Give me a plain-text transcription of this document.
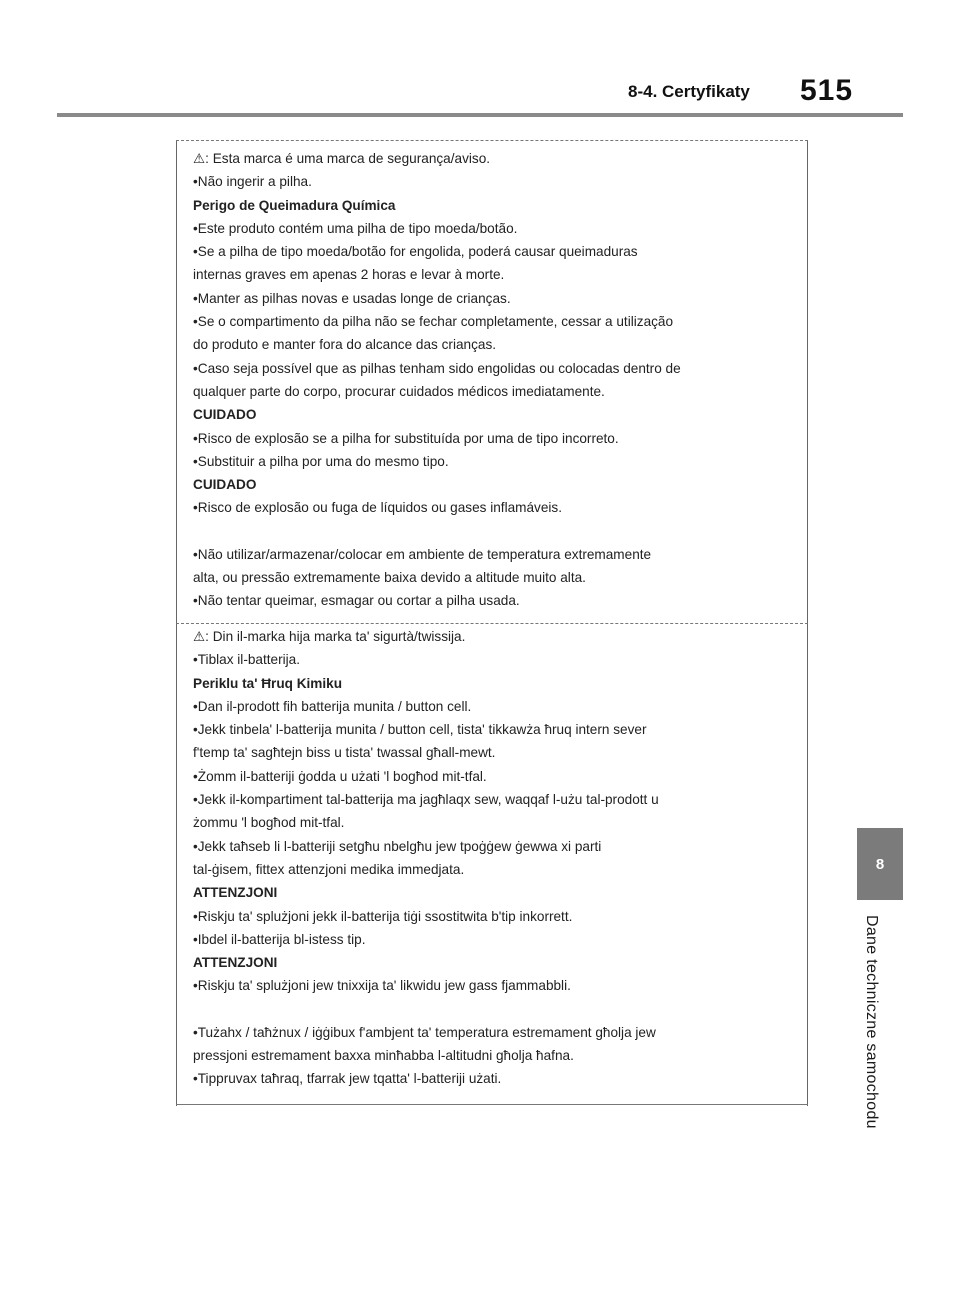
8-4. Certyfikaty 515
8
Dane techniczne samochodu

⚠: Esta marca é uma marca de segurança/aviso.

•Não ingerir a pilha.

Perigo de Queimadura Química

•Este produto contém uma pilha de tipo moeda/botão.

•Se a pilha de tipo moeda/botão for engolida, poderá causar queimaduras

internas graves em apenas 2 horas e levar à morte.

•Manter as pilhas novas e usadas longe de crianças.

•Se o compartimento da pilha não se fechar completamente, cessar a utilização

do produto e manter fora do alcance das crianças.

•Caso seja possível que as pilhas tenham sido engolidas ou colocadas dentro de

qualquer parte do corpo, procurar cuidados médicos imediatamente.

CUIDADO

•Risco de explosão se a pilha for substituída por uma de tipo incorreto.

•Substituir a pilha por uma do mesmo tipo.

CUIDADO

•Risco de explosão ou fuga de líquidos ou gases inflamáveis.

•Não utilizar/armazenar/colocar em ambiente de temperatura extremamente

alta, ou pressão extremamente baixa devido a altitude muito alta.

•Não tentar queimar, esmagar ou cortar a pilha usada.

⚠: Din il-marka hija marka ta' sigurtà/twissija.

•Tiblax il-batterija.

Periklu ta' Ħruq Kimiku

•Dan il-prodott fih batterija munita / button cell.

•Jekk tinbela' l-batterija munita / button cell, tista' tikkawża ħruq intern sever

f'temp ta' sagħtejn biss u tista' twassal għall-mewt.

•Żomm il-batteriji ġodda u użati 'l bogħod mit-tfal.

•Jekk il-kompartiment tal-batterija ma jagħlaqx sew, waqqaf l-użu tal-prodott u

żommu 'l bogħod mit-tfal.

•Jekk taħseb li l-batteriji setgħu nbelgħu jew tpoġġew ġewwa xi parti

tal-ġisem, fittex attenzjoni medika immedjata.

ATTENZJONI

•Riskju ta' splużjoni jekk il-batterija tiġi ssostitwita b'tip inkorrett.

•Ibdel il-batterija bl-istess tip.

ATTENZJONI

•Riskju ta' splużjoni jew tnixxija ta' likwidu jew gass fjammabbli.

•Tużahx / taħżnux / iġġibux f'ambjent ta' temperatura estremament għolja jew

pressjoni estremament baxxa minħabba l-altitudni għolja ħafna.

•Tippruvax taħraq, tfarrak jew tqatta' l-batteriji użati.
